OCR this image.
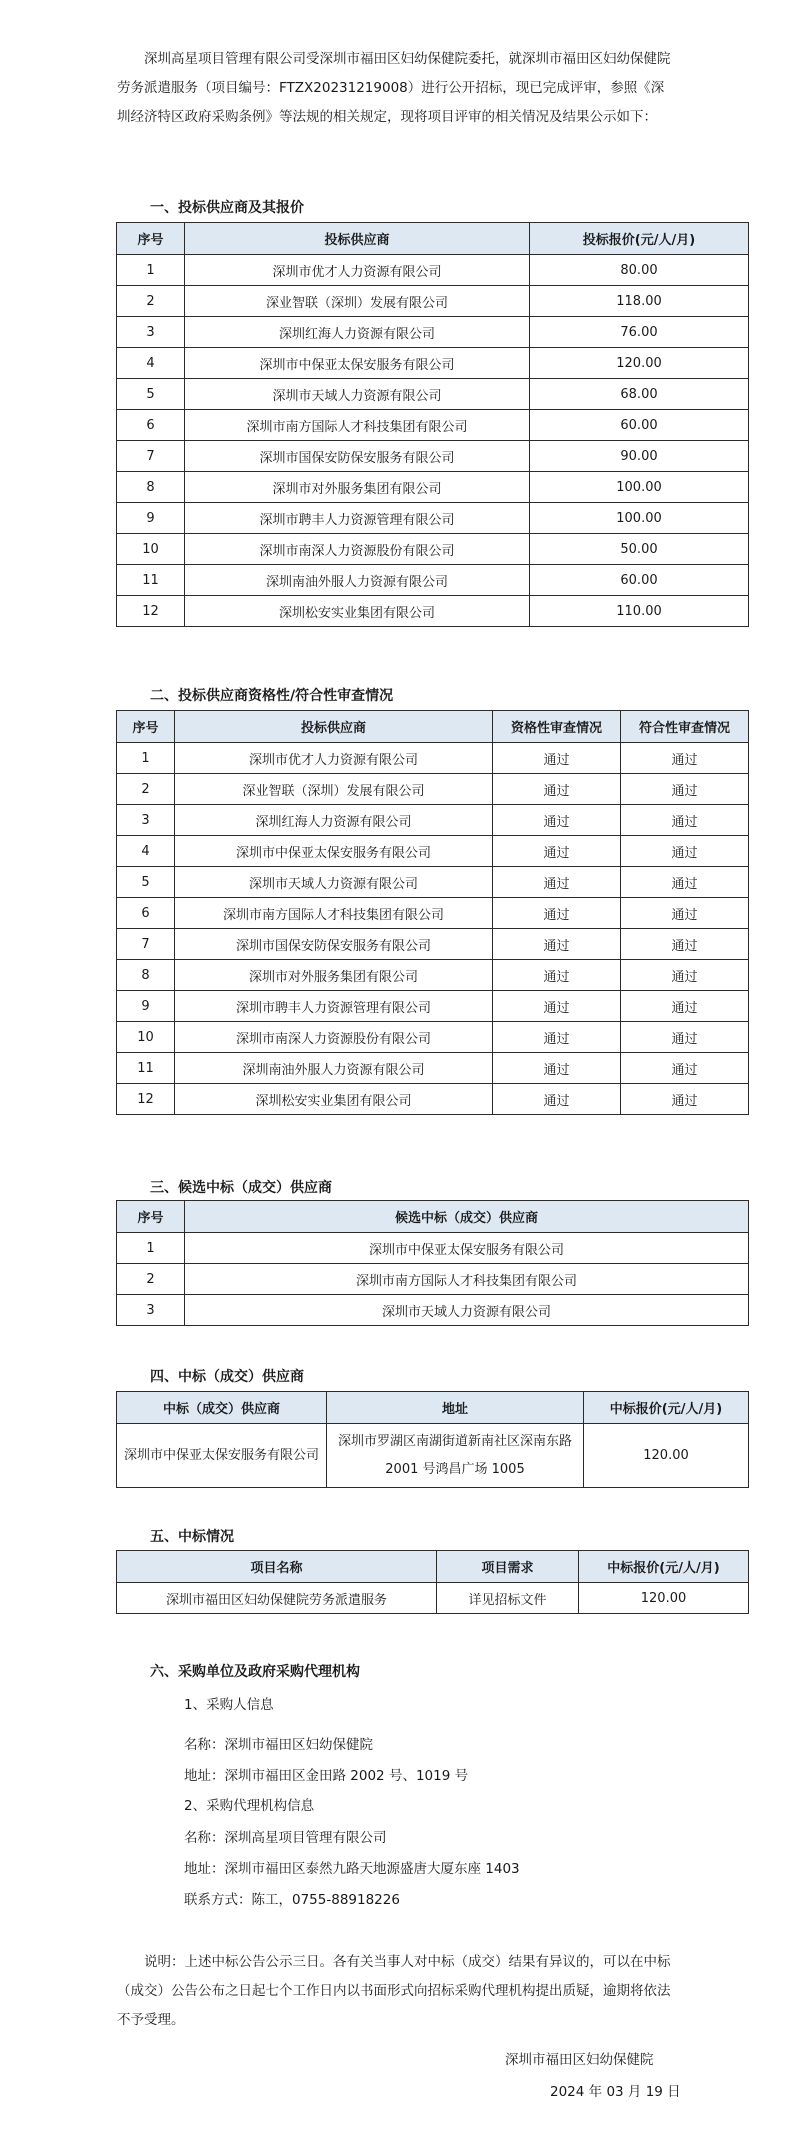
深圳高星项目管理有限公司受深圳市福田区妇幼保健院委托，就深圳市福田区妇幼保健院劳务派遣服务（项目编号：FTZX20231219008）进行公开招标，现已完成评审，参照《深圳经济特区政府采购条例》等法规的相关规定，现将项目评审的相关情况及结果公示如下：
一、投标供应商及其报价
序号	投标供应商	投标报价(元/人/月)
1	深圳市优才人力资源有限公司	80.00
2	深业智联（深圳）发展有限公司	118.00
3	深圳红海人力资源有限公司	76.00
4	深圳市中保亚太保安服务有限公司	120.00
5	深圳市天域人力资源有限公司	68.00
6	深圳市南方国际人才科技集团有限公司	60.00
7	深圳市国保安防保安服务有限公司	90.00
8	深圳市对外服务集团有限公司	100.00
9	深圳市聘丰人力资源管理有限公司	100.00
10	深圳市南深人力资源股份有限公司	50.00
11	深圳南油外服人力资源有限公司	60.00
12	深圳松安实业集团有限公司	110.00
二、投标供应商资格性/符合性审查情况
序号	投标供应商	资格性审查情况	符合性审查情况
1	深圳市优才人力资源有限公司	通过	通过
2	深业智联（深圳）发展有限公司	通过	通过
3	深圳红海人力资源有限公司	通过	通过
4	深圳市中保亚太保安服务有限公司	通过	通过
5	深圳市天域人力资源有限公司	通过	通过
6	深圳市南方国际人才科技集团有限公司	通过	通过
7	深圳市国保安防保安服务有限公司	通过	通过
8	深圳市对外服务集团有限公司	通过	通过
9	深圳市聘丰人力资源管理有限公司	通过	通过
10	深圳市南深人力资源股份有限公司	通过	通过
11	深圳南油外服人力资源有限公司	通过	通过
12	深圳松安实业集团有限公司	通过	通过
三、候选中标（成交）供应商
序号	候选中标（成交）供应商
1	深圳市中保亚太保安服务有限公司
2	深圳市南方国际人才科技集团有限公司
3	深圳市天域人力资源有限公司
四、中标（成交）供应商
中标（成交）供应商	地址	中标报价(元/人/月)
深圳市中保亚太保安服务有限公司	深圳市罗湖区南湖街道新南社区深南东路 2001 号鸿昌广场 1005	120.00
五、中标情况
项目名称	项目需求	中标报价(元/人/月)
深圳市福田区妇幼保健院劳务派遣服务	详见招标文件	120.00
六、采购单位及政府采购代理机构
1、采购人信息
名称：深圳市福田区妇幼保健院
地址：深圳市福田区金田路 2002 号、1019 号
2、采购代理机构信息
名称：深圳高星项目管理有限公司
地址：深圳市福田区泰然九路天地源盛唐大厦东座 1403
联系方式：陈工，0755-88918226
说明：上述中标公告公示三日。各有关当事人对中标（成交）结果有异议的，可以在中标（成交）公告公布之日起七个工作日内以书面形式向招标采购代理机构提出质疑，逾期将依法不予受理。
深圳市福田区妇幼保健院
2024 年 03 月 19 日
